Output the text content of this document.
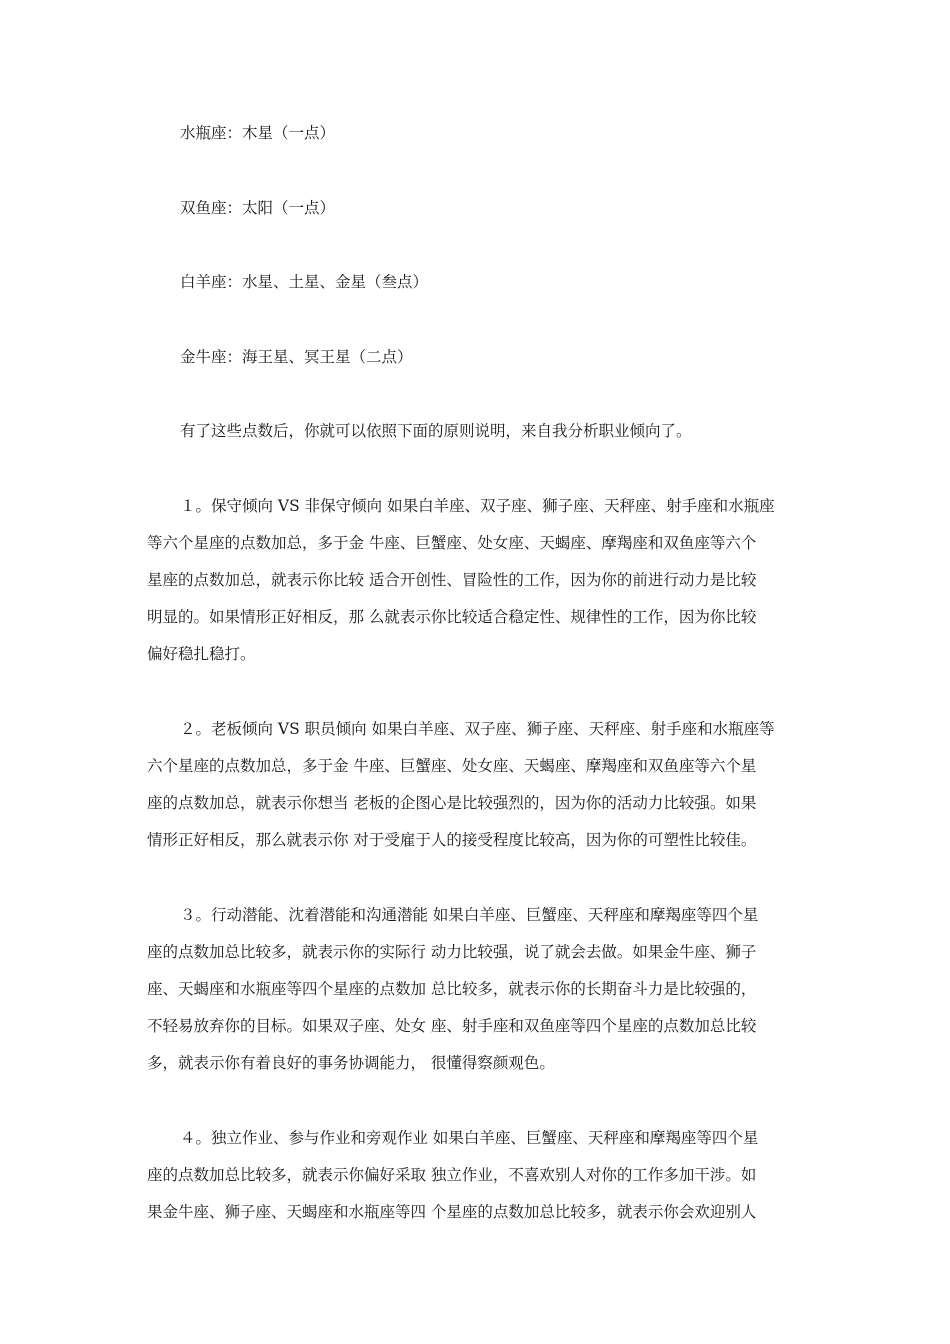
水瓶座：木星（一点）
双鱼座：太阳（一点）
白羊座：水星、土星、金星（叁点）
金牛座：海王星、冥王星（二点）
有了这些点数后，你就可以依照下面的原则说明，来自我分析职业倾向了。
１。保守倾向 VS 非保守倾向 如果白羊座、双子座、狮子座、天秤座、射手座和水瓶座
等六个星座的点数加总，多于金 牛座、巨蟹座、处女座、天蝎座、摩羯座和双鱼座等六个
星座的点数加总，就表示你比较 适合开创性、冒险性的工作，因为你的前进行动力是比较
明显的。如果情形正好相反，那 么就表示你比较适合稳定性、规律性的工作，因为你比较
偏好稳扎稳打。
２。老板倾向 VS 职员倾向 如果白羊座、双子座、狮子座、天秤座、射手座和水瓶座等
六个星座的点数加总，多于金 牛座、巨蟹座、处女座、天蝎座、摩羯座和双鱼座等六个星
座的点数加总，就表示你想当 老板的企图心是比较强烈的，因为你的活动力比较强。如果
情形正好相反，那么就表示你 对于受雇于人的接受程度比较高，因为你的可塑性比较佳。
３。行动潜能、沈着潜能和沟通潜能 如果白羊座、巨蟹座、天秤座和摩羯座等四个星
座的点数加总比较多，就表示你的实际行 动力比较强，说了就会去做。如果金牛座、狮子
座、天蝎座和水瓶座等四个星座的点数加 总比较多，就表示你的长期奋斗力是比较强的，
不轻易放弃你的目标。如果双子座、处女 座、射手座和双鱼座等四个星座的点数加总比较
多，就表示你有着良好的事务协调能力， 很懂得察颜观色。
４。独立作业、参与作业和旁观作业 如果白羊座、巨蟹座、天秤座和摩羯座等四个星
座的点数加总比较多，就表示你偏好采取 独立作业，不喜欢别人对你的工作多加干涉。如
果金牛座、狮子座、天蝎座和水瓶座等四 个星座的点数加总比较多，就表示你会欢迎别人
